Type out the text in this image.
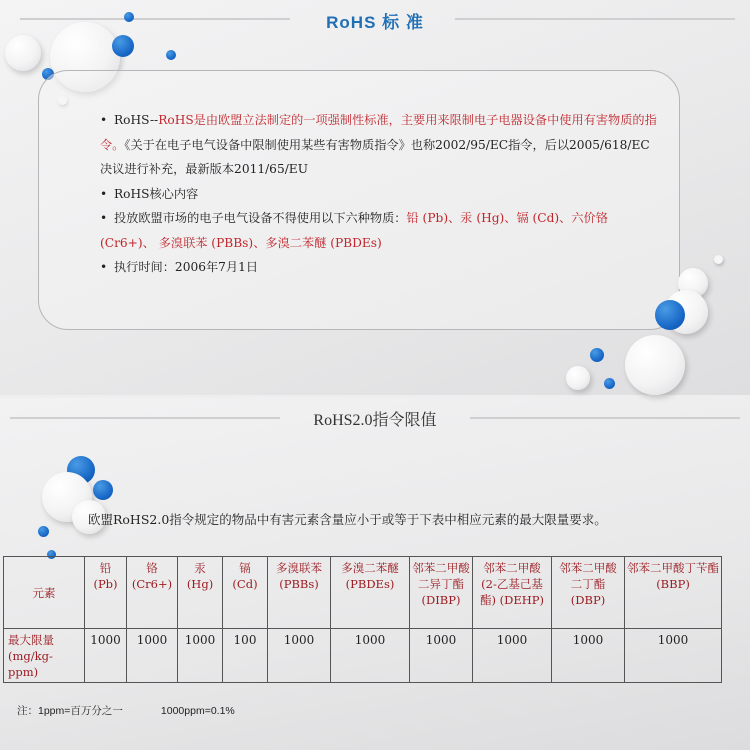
RoHS 标 准
• RoHS--RoHS是由欧盟立法制定的一项强制性标准，主要用来限制电子电器设备中使用有害物质的指令。《关于在电子电气设备中限制使用某些有害物质指令》也称2002/95/EC指令，后以2005/618/EC决议进行补充，最新版本2011/65/EU
• RoHS核心内容
• 投放欧盟市场的电子电气设备不得使用以下六种物质：铅 (Pb)、汞 (Hg)、镉 (Cd)、六价铬 (Cr6+)、 多溴联苯 (PBBs)、多溴二苯醚 (PBDEs)
• 执行时间：2006年7月1日
RoHS2.0指令限值
欧盟RoHS2.0指令规定的物品中有害元素含量应小于或等于下表中相应元素的最大限量要求。
元素	铅 (Pb)	铬 (Cr6+)	汞 (Hg)	镉 (Cd)	多溴联苯 (PBBs)	多溴二苯醚 (PBDEs)	邻苯二甲酸二异丁酯 (DIBP)	邻苯二甲酸 (2-乙基己基酯) (DEHP)	邻苯二甲酸二丁酯 (DBP)	邻苯二甲酸丁苄酯 (BBP)
最大限量 (mg/kg-ppm)	1000	1000	1000	100	1000	1000	1000	1000	1000	1000
注：1ppm=百万分之一	1000ppm=0.1%
